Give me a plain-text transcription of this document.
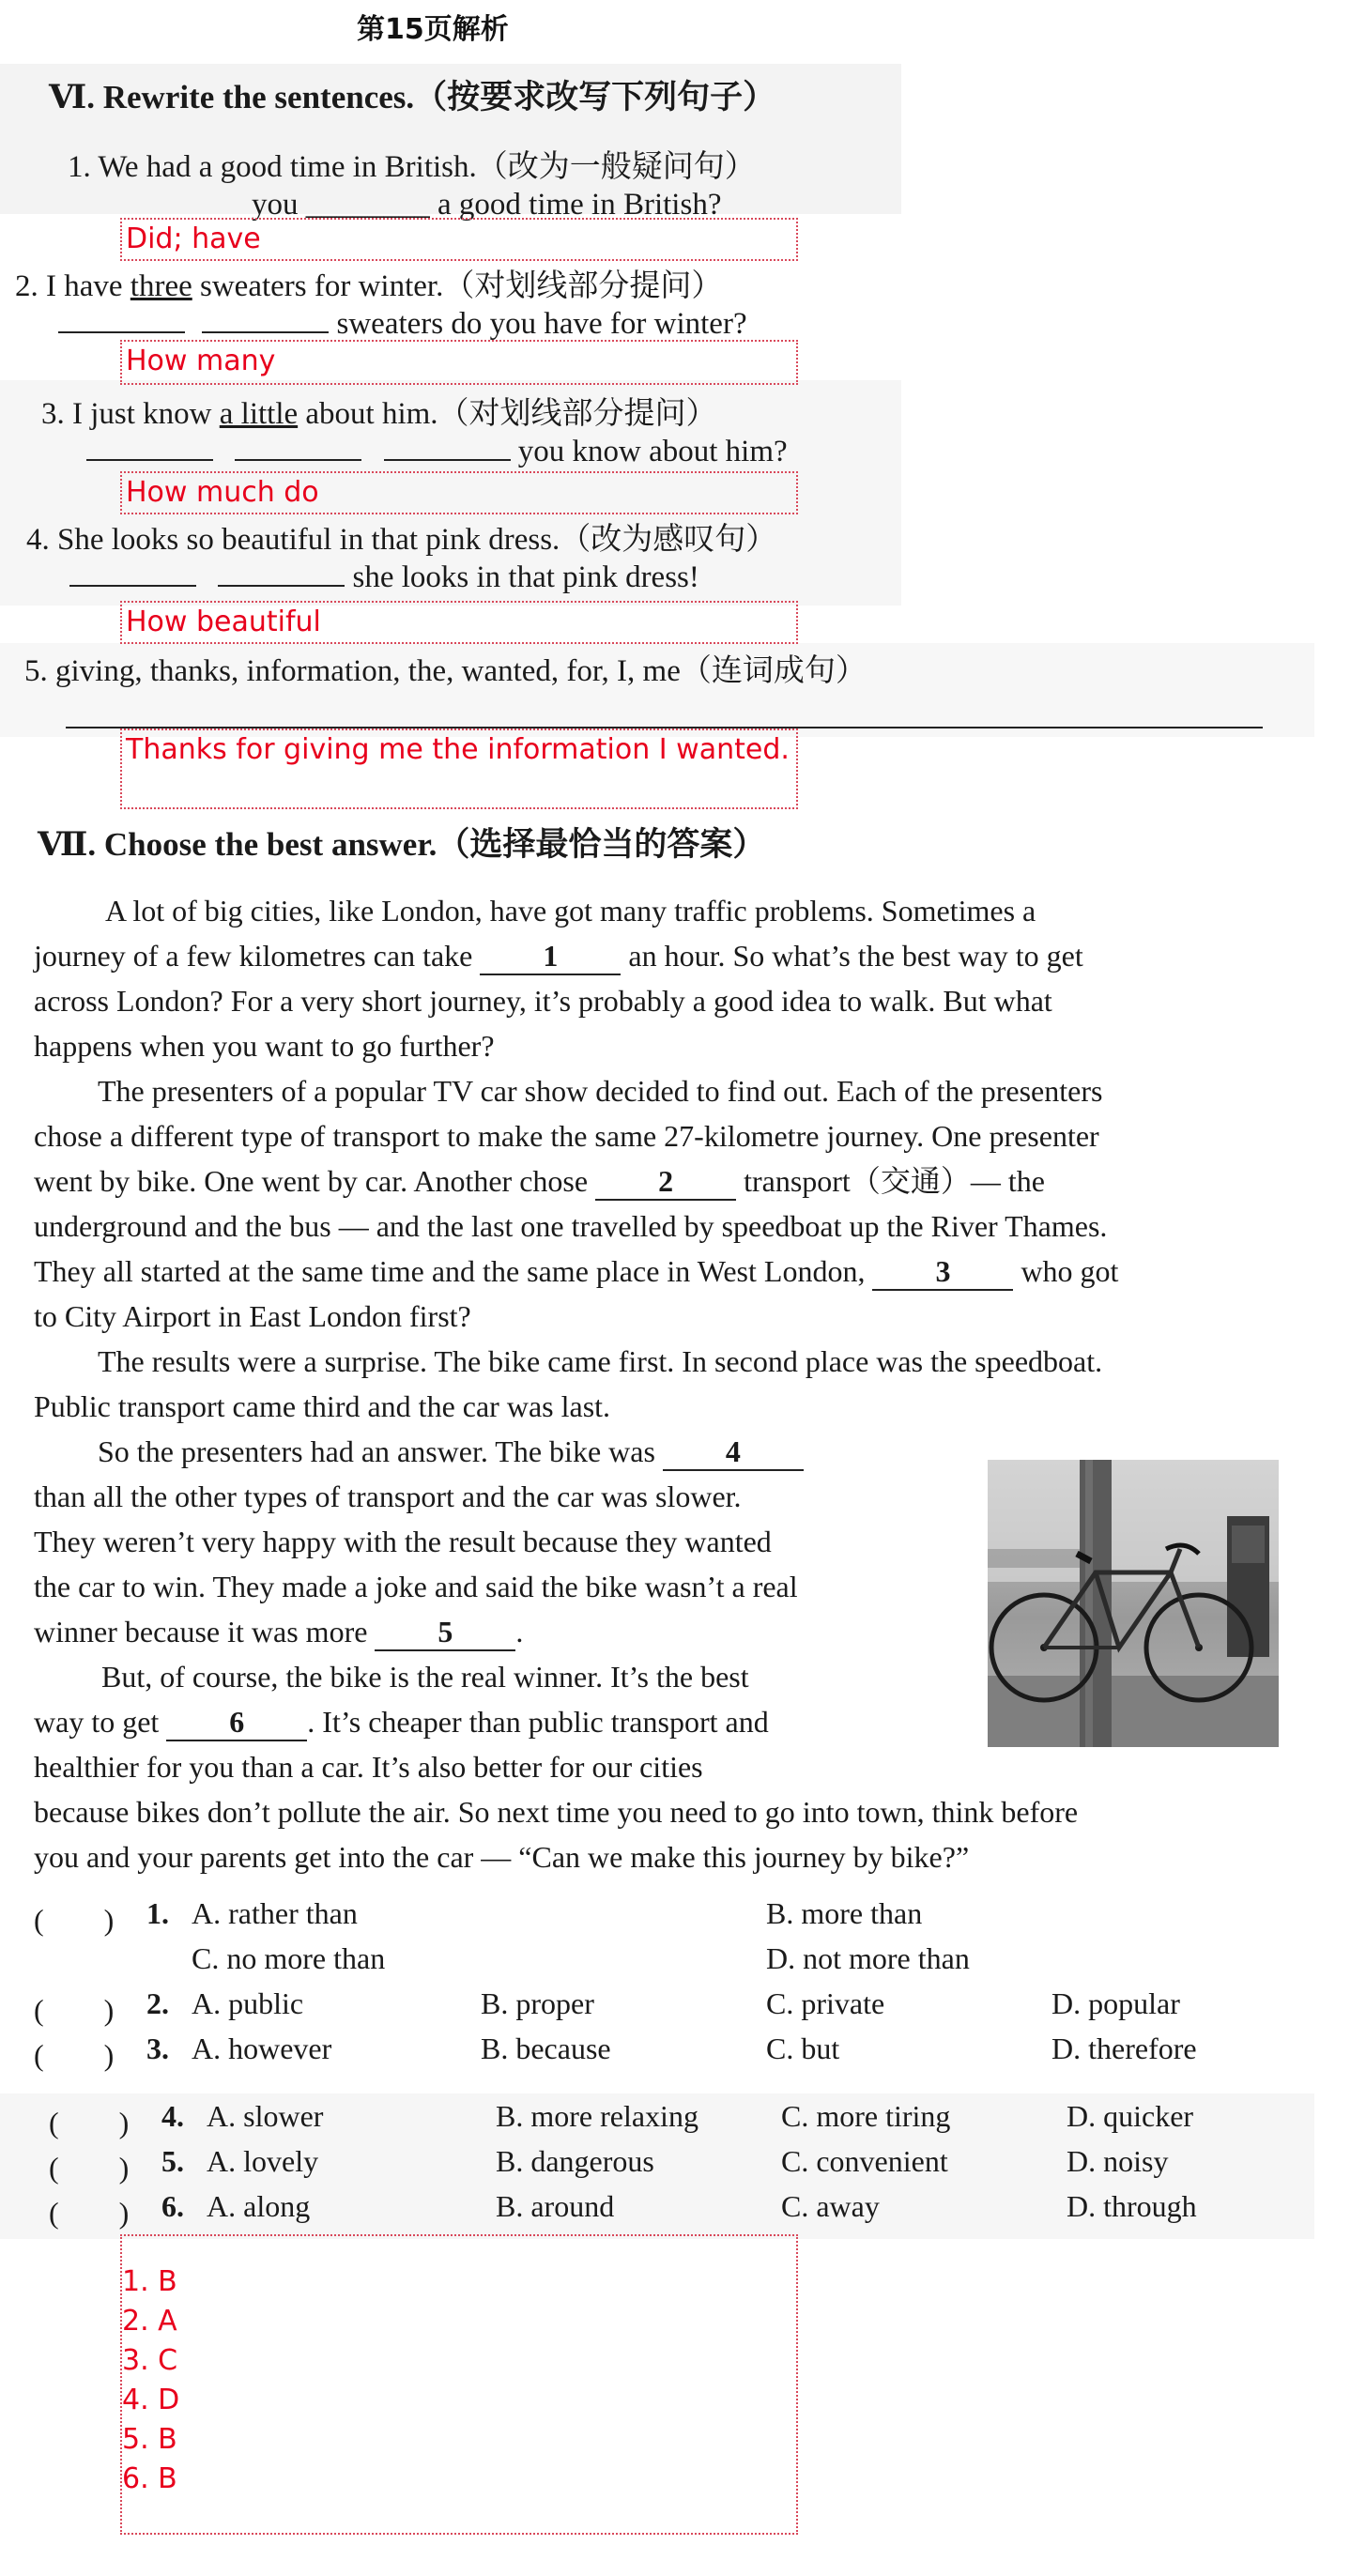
第15页解析
Ⅵ. Rewrite the sentences.（按要求改写下列句子）
1. We had a good time in British.（改为一般疑问句）
you ________ a good time in British?
Did; have
2. I have three sweaters for winter.（对划线部分提问）
sweaters do you have for winter?
How many
3. I just know a little about him.（对划线部分提问）
you know about him?
How much do
4. She looks so beautiful in that pink dress.（改为感叹句）
she looks in that pink dress!
How beautiful
5. giving, thanks, information, the, wanted, for, I, me（连词成句）
Thanks for giving me the information I wanted.
Ⅶ. Choose the best answer.（选择最恰当的答案）
A lot of big cities, like London, have got many traffic problems. Sometimes a
journey of a few kilometres can take 1 an hour. So what’s the best way to get
across London? For a very short journey, it’s probably a good idea to walk. But what
happens when you want to go further?
The presenters of a popular TV car show decided to find out. Each of the presenters
chose a different type of transport to make the same 27-kilometre journey. One presenter
went by bike. One went by car. Another chose 2 transport（交通）— the
underground and the bus — and the last one travelled by speedboat up the River Thames.
They all started at the same time and the same place in West London, 3 who got
to City Airport in East London first?
The results were a surprise. The bike came first. In second place was the speedboat.
Public transport came third and the car was last.
So the presenters had an answer. The bike was 4
than all the other types of transport and the car was slower.
They weren’t very happy with the result because they wanted
the car to win. They made a joke and said the bike wasn’t a real
winner because it was more 5 .
But, of course, the bike is the real winner. It’s the best
way to get 6 . It’s cheaper than public transport and
healthier for you than a car. It’s also better for our cities
because bikes don’t pollute the air. So next time you need to go into town, think before
you and your parents get into the car — “Can we make this journey by bike?”
(　　) 1. A. rather than	B. more than
C. no more than	D. not more than
(　　) 2. A. public	B. proper	C. private	D. popular
(　　) 3. A. however	B. because	C. but	D. therefore
(　　) 4. A. slower	B. more relaxing	C. more tiring	D. quicker
(　　) 5. A. lovely	B. dangerous	C. convenient	D. noisy
(　　) 6. A. along	B. around	C. away	D. through
1. B
2. A
3. C
4. D
5. B
6. B
